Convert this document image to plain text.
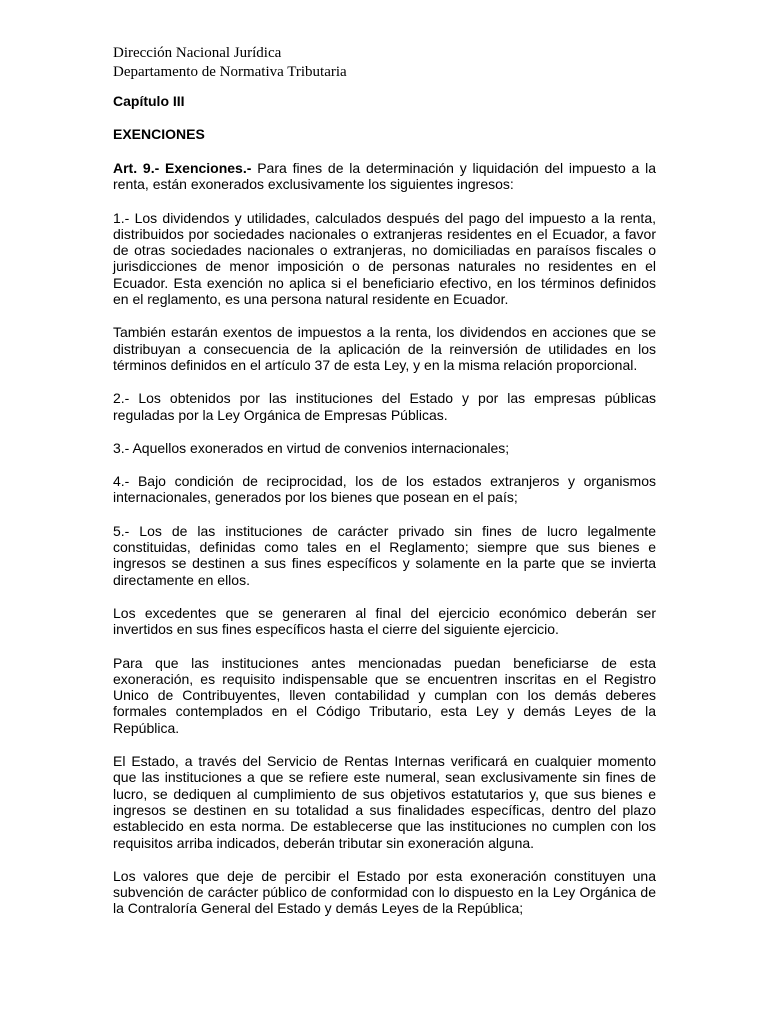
Dirección Nacional Jurídica
Departamento de Normativa Tributaria
Capítulo III
EXENCIONES

Art. 9.- Exenciones.- Para fines de la determinación y liquidación del impuesto a la renta, están exonerados exclusivamente los siguientes ingresos:

1.- Los dividendos y utilidades, calculados después del pago del impuesto a la renta, distribuidos por sociedades nacionales o extranjeras residentes en el Ecuador, a favor de otras sociedades nacionales o extranjeras, no domiciliadas en paraísos fiscales o jurisdicciones de menor imposición o de personas naturales no residentes en el Ecuador. Esta exención no aplica si el beneficiario efectivo, en los términos definidos en el reglamento, es una persona natural residente en Ecuador.

También estarán exentos de impuestos a la renta, los dividendos en acciones que se distribuyan a consecuencia de la aplicación de la reinversión de utilidades en los términos definidos en el artículo 37 de esta Ley, y en la misma relación proporcional.

2.- Los obtenidos por las instituciones del Estado y por las empresas públicas reguladas por la Ley Orgánica de Empresas Públicas.

3.- Aquellos exonerados en virtud de convenios internacionales;

4.- Bajo condición de reciprocidad, los de los estados extranjeros y organismos internacionales, generados por los bienes que posean en el país;

5.- Los de las instituciones de carácter privado sin fines de lucro legalmente constituidas, definidas como tales en el Reglamento; siempre que sus bienes e ingresos se destinen a sus fines específicos y solamente en la parte que se invierta directamente en ellos.

Los excedentes que se generaren al final del ejercicio económico deberán ser invertidos en sus fines específicos hasta el cierre del siguiente ejercicio.

Para que las instituciones antes mencionadas puedan beneficiarse de esta exoneración, es requisito indispensable que se encuentren inscritas en el Registro Unico de Contribuyentes, lleven contabilidad y cumplan con los demás deberes formales contemplados en el Código Tributario, esta Ley y demás Leyes de la República.

El Estado, a través del Servicio de Rentas Internas verificará en cualquier momento que las instituciones a que se refiere este numeral, sean exclusivamente sin fines de lucro, se dediquen al cumplimiento de sus objetivos estatutarios y, que sus bienes e ingresos se destinen en su totalidad a sus finalidades específicas, dentro del plazo establecido en esta norma. De establecerse que las instituciones no cumplen con los requisitos arriba indicados, deberán tributar sin exoneración alguna.

Los valores que deje de percibir el Estado por esta exoneración constituyen una subvención de carácter público de conformidad con lo dispuesto en la Ley Orgánica de la Contraloría General del Estado y demás Leyes de la República;
